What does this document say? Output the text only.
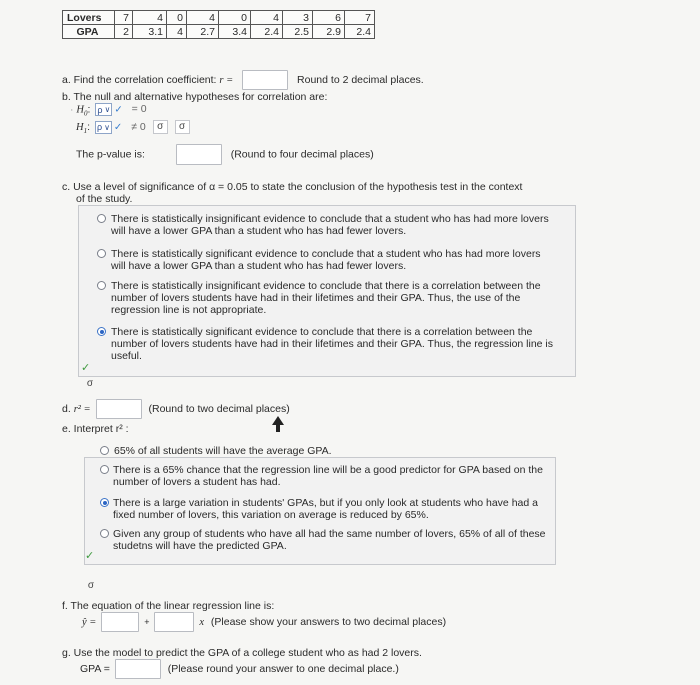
Lovers	7	4	0	4	0	4	3	6	7
GPA	2	3.1	4	2.7	3.4	2.4	2.5	2.9	2.4
a. Find the correlation coefficient: r =	Round to 2 decimal places.
b. The null and alternative hypotheses for correlation are:
· $H_0$: ρ ∨ ✓ = 0
$H_1$: ρ ∨ ✓ ≠ 0 σ σ
The p-value is:	(Round to four decimal places)
c. Use a level of significance of α = 0.05 to state the conclusion of the hypothesis test in the context
of the study.
There is statistically insignificant evidence to conclude that a student who has had more lovers
will have a lower GPA than a student who has had fewer lovers.
There is statistically significant evidence to conclude that a student who has had more lovers
will have a lower GPA than a student who has had fewer lovers.
There is statistically insignificant evidence to conclude that there is a correlation between the
number of lovers students have had in their lifetimes and their GPA. Thus, the use of the
regression line is not appropriate.
There is statistically significant evidence to conclude that there is a correlation between the
number of lovers students have had in their lifetimes and their GPA. Thus, the regression line is
useful.
✓
σ
d. r² =	(Round to two decimal places)
e. Interpret r² :
65% of all students will have the average GPA.
There is a 65% chance that the regression line will be a good predictor for GPA based on the
number of lovers a student has had.
There is a large variation in students' GPAs, but if you only look at students who have had a
fixed number of lovers, this variation on average is reduced by 65%.
Given any group of students who have all had the same number of lovers, 65% of all of these
studetns will have the predicted GPA.
✓
σ
f. The equation of the linear regression line is:
ŷ =	+	x (Please show your answers to two decimal places)
g. Use the model to predict the GPA of a college student who as had 2 lovers.
GPA =	(Please round your answer to one decimal place.)
